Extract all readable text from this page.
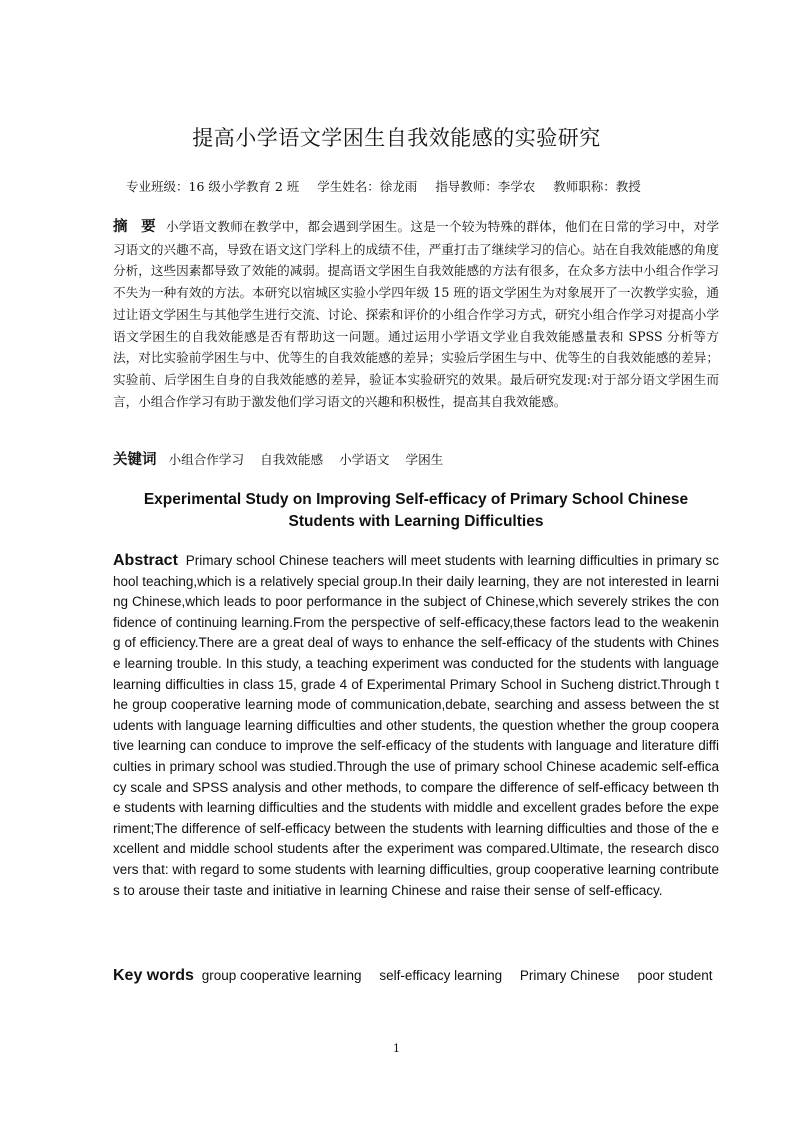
提高小学语文学困生自我效能感的实验研究
专业班级：16 级小学教育 2 班 学生姓名：徐龙雨 指导教师：李学农 教师职称：教授

摘 要 小学语文教师在教学中，都会遇到学困生。这是一个较为特殊的群体，他们在日常的学习中，对学习语文的兴趣不高，导致在语文这门学科上的成绩不佳，严重打击了继续学习的信心。站在自我效能感的角度分析，这些因素都导致了效能的减弱。提高语文学困生自我效能感的方法有很多，在众多方法中小组合作学习不失为一种有效的方法。本研究以宿城区实验小学四年级 15 班的语文学困生为对象展开了一次教学实验，通过让语文学困生与其他学生进行交流、讨论、探索和评价的小组合作学习方式，研究小组合作学习对提高小学语文学困生的自我效能感是否有帮助这一问题。通过运用小学语文学业自我效能感量表和 SPSS 分析等方法，对比实验前学困生与中、优等生的自我效能感的差异；实验后学困生与中、优等生的自我效能感的差异；实验前、后学困生自身的自我效能感的差异，验证本实验研究的效果。最后研究发现:对于部分语文学困生而言，小组合作学习有助于激发他们学习语文的兴趣和积极性，提高其自我效能感。

关键词 小组合作学习 自我效能感 小学语文 学困生

Experimental Study on Improving Self-efficacy of Primary School Chinese Students with Learning Difficulties

Abstract Primary school Chinese teachers will meet students with learning difficulties in primary school teaching,which is a relatively special group.In their daily learning, they are not interested in learning Chinese,which leads to poor performance in the subject of Chinese,which severely strikes the confidence of continuing learning.From the perspective of self-efficacy,these factors lead to the weakening of efficiency.There are a great deal of ways to enhance the self-efficacy of the students with Chinese learning trouble. In this study, a teaching experiment was conducted for the students with language learning difficulties in class 15, grade 4 of Experimental Primary School in Sucheng district.Through the group cooperative learning mode of communication,debate, searching and assess between the students with language learning difficulties and other students, the question whether the group cooperative learning can conduce to improve the self-efficacy of the students with language and literature difficulties in primary school was studied.Through the use of primary school Chinese academic self-efficacy scale and SPSS analysis and other methods, to compare the difference of self-efficacy between the students with learning difficulties and the students with middle and excellent grades before the experiment;The difference of self-efficacy between the students with learning difficulties and those of the excellent and middle school students after the experiment was compared.Ultimate, the research discovers that: with regard to some students with learning difficulties, group cooperative learning contributes to arouse their taste and initiative in learning Chinese and raise their sense of self-efficacy.

Key words group cooperative learning self-efficacy learning Primary Chinese poor student

1
